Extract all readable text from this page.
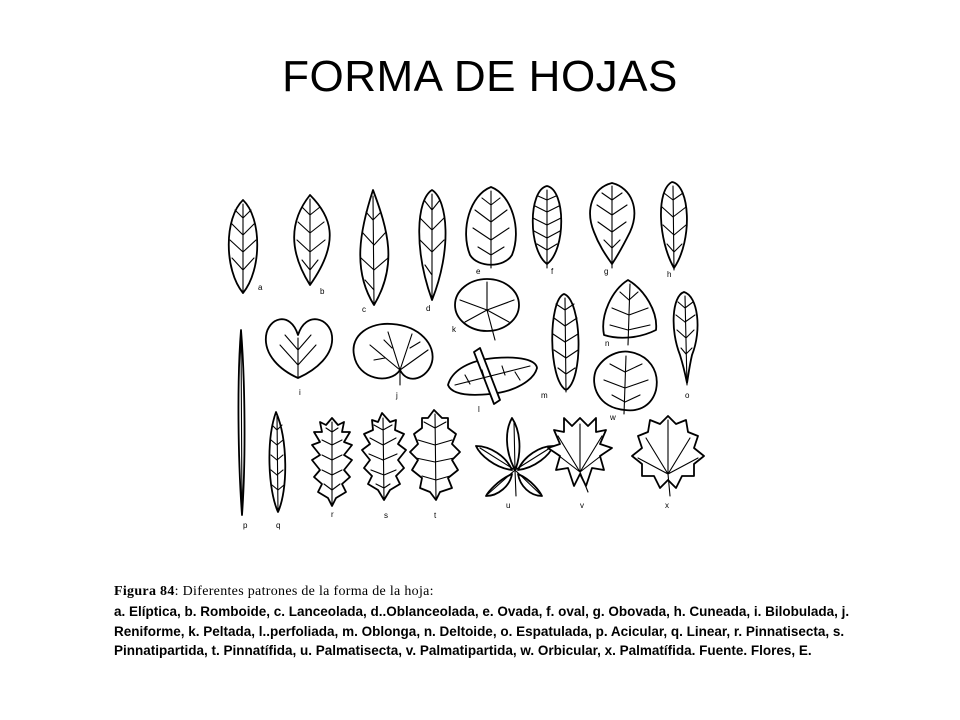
FORMA DE HOJAS
a	b
c	d
e	f	g	h
p	q
i	j
k
l
m
n
w
o
r	s	t
u	v	x

Figura 84: Diferentes patrones de la forma de la hoja:

a. Elíptica, b. Romboide, c. Lanceolada, d..Oblanceolada, e. Ovada, f. oval, g. Obovada, h. Cuneada, i. Bilobulada, j. Reniforme, k. Peltada, l..perfoliada, m. Oblonga, n. Deltoide, o. Espatulada, p. Acicular, q. Linear, r. Pinnatisecta, s. Pinnatipartida, t. Pinnatífida, u. Palmatisecta, v. Palmatipartida, w. Orbicular, x. Palmatífida. Fuente. Flores, E.
